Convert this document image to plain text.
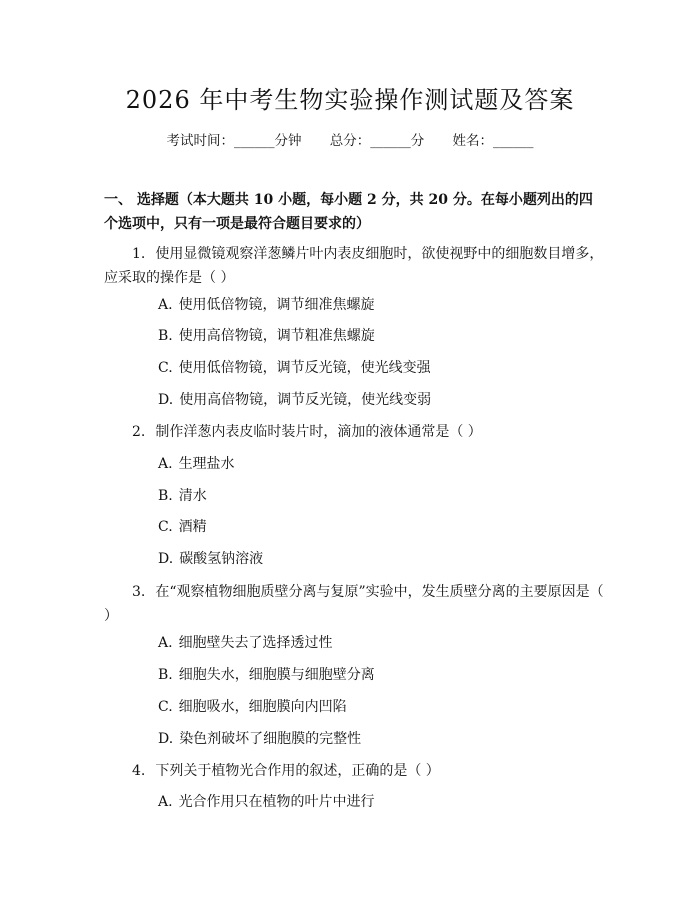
2026 年中考生物实验操作测试题及答案
考试时间：______分钟 总分：______分 姓名：______
一、 选择题（本大题共 10 小题，每小题 2 分，共 20 分。在每小题列出的四个选项中，只有一项是最符合题目要求的）
1. 使用显微镜观察洋葱鳞片叶内表皮细胞时，欲使视野中的细胞数目增多，应采取的操作是（ ）
A. 使用低倍物镜，调节细准焦螺旋
B. 使用高倍物镜，调节粗准焦螺旋
C. 使用低倍物镜，调节反光镜，使光线变强
D. 使用高倍物镜，调节反光镜，使光线变弱
2. 制作洋葱内表皮临时装片时，滴加的液体通常是（ ）
A. 生理盐水
B. 清水
C. 酒精
D. 碳酸氢钠溶液
3. 在“观察植物细胞质壁分离与复原”实验中，发生质壁分离的主要原因是（ ）
A. 细胞壁失去了选择透过性
B. 细胞失水，细胞膜与细胞壁分离
C. 细胞吸水，细胞膜向内凹陷
D. 染色剂破坏了细胞膜的完整性
4. 下列关于植物光合作用的叙述，正确的是（ ）
A. 光合作用只在植物的叶片中进行
